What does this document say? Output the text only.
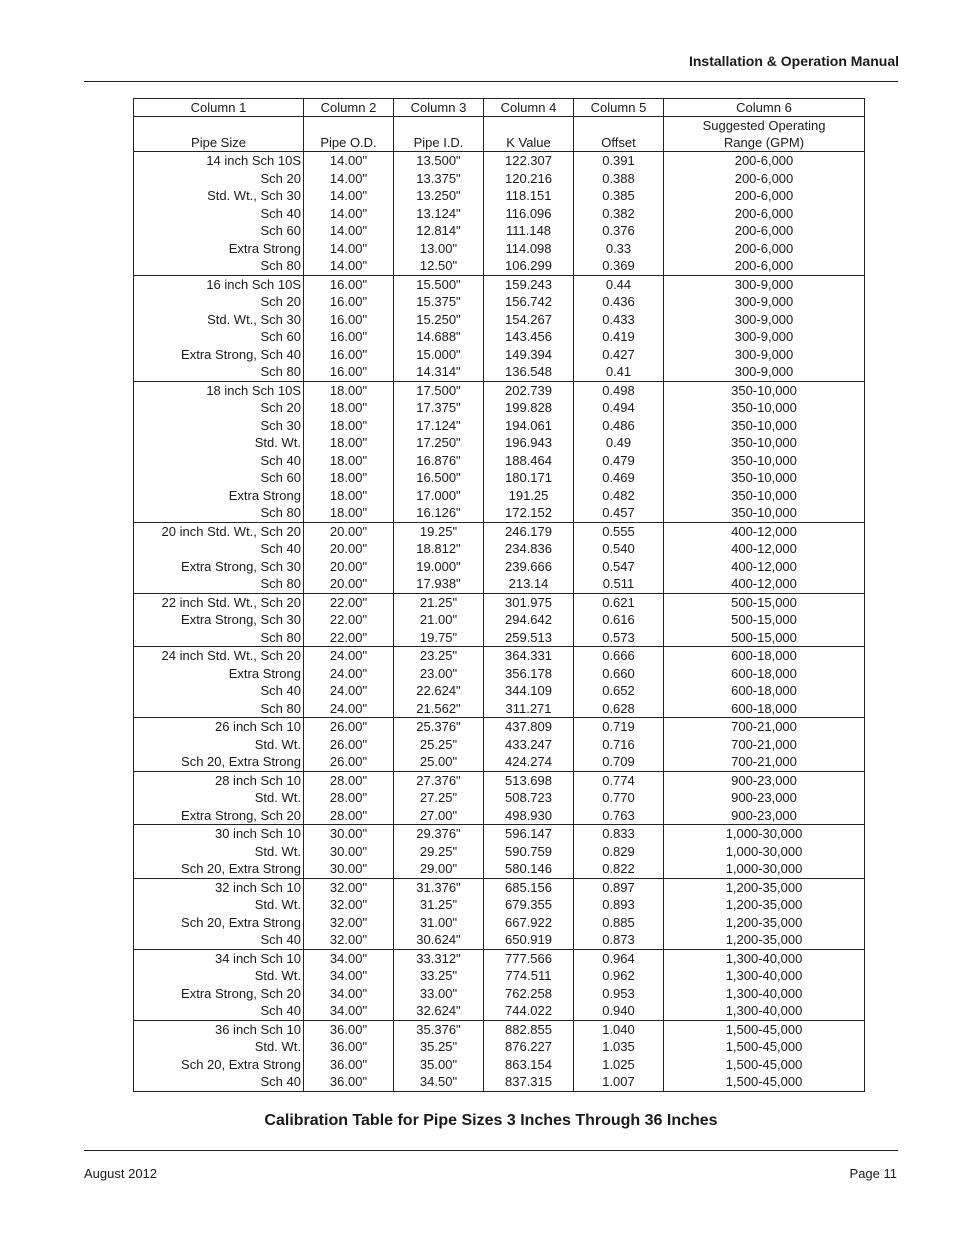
Installation & Operation Manual
Column 1	Column 2	Column 3	Column 4	Column 5	Column 6
Pipe Size	Pipe O.D.	Pipe I.D.	K Value	Offset	Suggested Operating
Range (GPM)

14 inch Sch 10S	14.00"	13.500"	122.307	0.391	200-6,000
Sch 20	14.00"	13.375"	120.216	0.388	200-6,000
Std. Wt., Sch 30	14.00"	13.250"	118.151	0.385	200-6,000
Sch 40	14.00"	13.124"	116.096	0.382	200-6,000
Sch 60	14.00"	12.814"	111.148	0.376	200-6,000
Extra Strong	14.00"	13.00"	114.098	0.33	200-6,000
Sch 80	14.00"	12.50"	106.299	0.369	200-6,000
16 inch Sch 10S	16.00"	15.500"	159.243	0.44	300-9,000
Sch 20	16.00"	15.375"	156.742	0.436	300-9,000
Std. Wt., Sch 30	16.00"	15.250"	154.267	0.433	300-9,000
Sch 60	16.00"	14.688"	143.456	0.419	300-9,000
Extra Strong, Sch 40	16.00"	15.000"	149.394	0.427	300-9,000
Sch 80	16.00"	14.314"	136.548	0.41	300-9,000
18 inch Sch 10S	18.00"	17.500"	202.739	0.498	350-10,000
Sch 20	18.00"	17.375"	199.828	0.494	350-10,000
Sch 30	18.00"	17.124"	194.061	0.486	350-10,000
Std. Wt.	18.00"	17.250"	196.943	0.49	350-10,000
Sch 40	18.00"	16.876"	188.464	0.479	350-10,000
Sch 60	18.00"	16.500"	180.171	0.469	350-10,000
Extra Strong	18.00"	17.000"	191.25	0.482	350-10,000
Sch 80	18.00"	16.126"	172.152	0.457	350-10,000
20 inch Std. Wt., Sch 20	20.00"	19.25"	246.179	0.555	400-12,000
Sch 40	20.00"	18.812"	234.836	0.540	400-12,000
Extra Strong, Sch 30	20.00"	19.000"	239.666	0.547	400-12,000
Sch 80	20.00"	17.938"	213.14	0.511	400-12,000
22 inch Std. Wt., Sch 20	22.00"	21.25"	301.975	0.621	500-15,000
Extra Strong, Sch 30	22.00"	21.00"	294.642	0.616	500-15,000
Sch 80	22.00"	19.75"	259.513	0.573	500-15,000
24 inch Std. Wt., Sch 20	24.00"	23.25"	364.331	0.666	600-18,000
Extra Strong	24.00"	23.00"	356.178	0.660	600-18,000
Sch 40	24.00"	22.624"	344.109	0.652	600-18,000
Sch 80	24.00"	21.562"	311.271	0.628	600-18,000
26 inch Sch 10	26.00"	25.376"	437.809	0.719	700-21,000
Std. Wt.	26.00"	25.25"	433.247	0.716	700-21,000
Sch 20, Extra Strong	26.00"	25.00"	424.274	0.709	700-21,000
28 inch Sch 10	28.00"	27.376"	513.698	0.774	900-23,000
Std. Wt.	28.00"	27.25"	508.723	0.770	900-23,000
Extra Strong, Sch 20	28.00"	27.00"	498.930	0.763	900-23,000
30 inch Sch 10	30.00"	29.376"	596.147	0.833	1,000-30,000
Std. Wt.	30.00"	29.25"	590.759	0.829	1,000-30,000
Sch 20, Extra Strong	30.00"	29.00"	580.146	0.822	1,000-30,000
32 inch Sch 10	32.00"	31.376"	685.156	0.897	1,200-35,000
Std. Wt.	32.00"	31.25"	679.355	0.893	1,200-35,000
Sch 20, Extra Strong	32.00"	31.00"	667.922	0.885	1,200-35,000
Sch 40	32.00"	30.624"	650.919	0.873	1,200-35,000
34 inch Sch 10	34.00"	33.312"	777.566	0.964	1,300-40,000
Std. Wt.	34.00"	33.25"	774.511	0.962	1,300-40,000
Extra Strong, Sch 20	34.00"	33.00"	762.258	0.953	1,300-40,000
Sch 40	34.00"	32.624"	744.022	0.940	1,300-40,000
36 inch Sch 10	36.00"	35.376"	882.855	1.040	1,500-45,000
Std. Wt.	36.00"	35.25"	876.227	1.035	1,500-45,000
Sch 20, Extra Strong	36.00"	35.00"	863.154	1.025	1,500-45,000
Sch 40	36.00"	34.50"	837.315	1.007	1,500-45,000
Calibration Table for Pipe Sizes 3 Inches Through 36 Inches
August 2012	Page 11
